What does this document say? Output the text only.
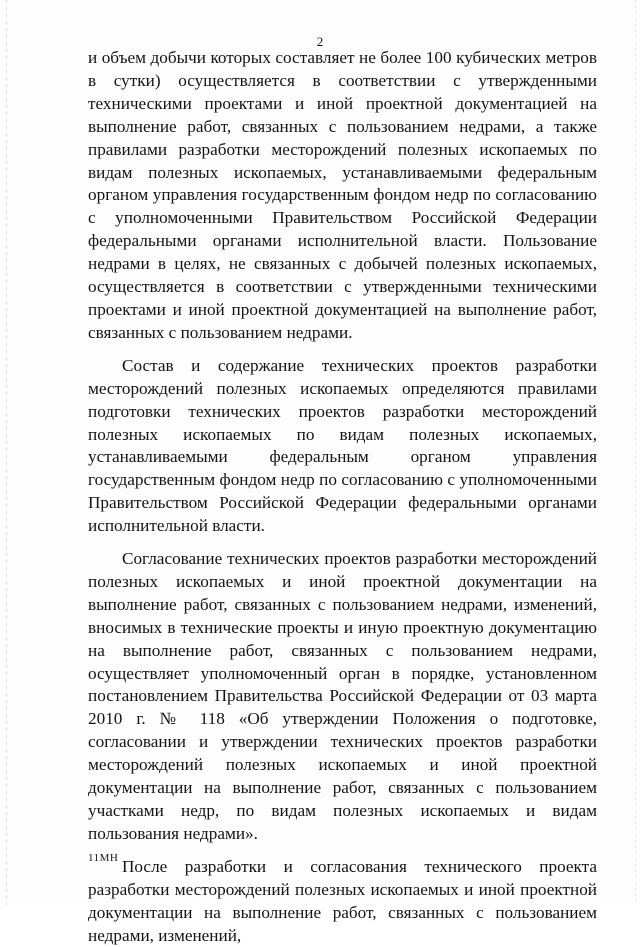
2

и объем добычи которых составляет не более 100 кубических метров в сутки) осуществляется в соответствии с утвержденными техническими проектами и иной проектной документацией на выполнение работ, связанных с пользованием недрами, а также правилами разработки месторождений полезных ископаемых по видам полезных ископаемых, устанавливаемыми федеральным органом управления государственным фондом недр по согласованию с уполномоченными Правительством Российской Федерации федеральными органами исполнительной власти. Пользование недрами в целях, не связанных с добычей полезных ископаемых, осуществляется в соответствии с утвержденными техническими проектами и иной проектной документацией на выполнение работ, связанных с пользованием недрами.

Состав и содержание технических проектов разработки месторождений полезных ископаемых определяются правилами подготовки технических проектов разработки месторождений полезных ископаемых по видам полезных ископаемых, устанавливаемыми федеральным органом управления государственным фондом недр по согласованию с уполномоченными Правительством Российской Федерации федеральными органами исполнительной власти.

Согласование технических проектов разработки месторождений полезных ископаемых и иной проектной документации на выполнение работ, связанных с пользованием недрами, изменений, вносимых в технические проекты и иную проектную документацию на выполнение работ, связанных с пользованием недрами, осуществляет уполномоченный орган в порядке, установленном постановлением Правительства Российской Федерации от 03 марта 2010 г. № 118 «Об утверждении Положения о подготовке, согласовании и утверждении технических проектов разработки месторождений полезных ископаемых и иной проектной документации на выполнение работ, связанных с пользованием участками недр, по видам полезных ископаемых и видам пользования недрами».

После разработки и согласования технического проекта разработки месторождений полезных ископаемых и иной проектной документации на выполнение работ, связанных с пользованием недрами, изменений,

11МН
